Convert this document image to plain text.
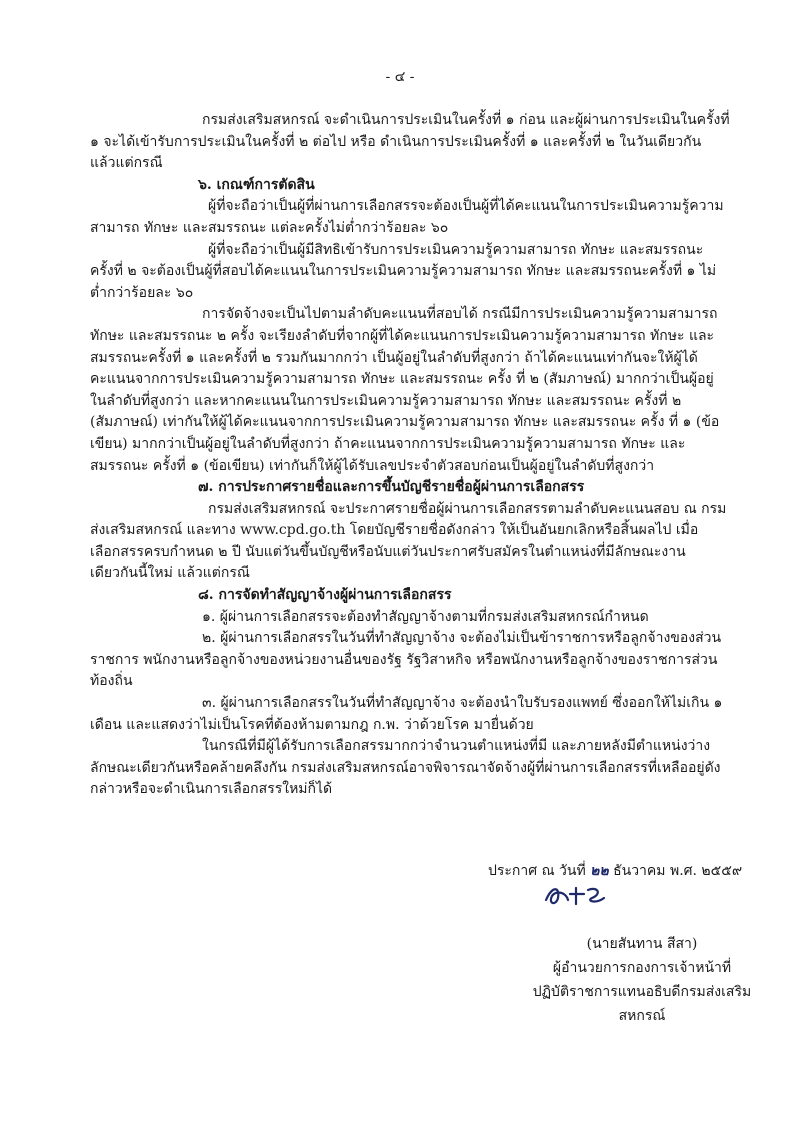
- ๔ -

กรมส่งเสริมสหกรณ์ จะดำเนินการประเมินในครั้งที่ ๑ ก่อน และผู้ผ่านการประเมินในครั้งที่ ๑ จะได้เข้ารับการประเมินในครั้งที่ ๒ ต่อไป หรือ ดำเนินการประเมินครั้งที่ ๑ และครั้งที่ ๒ ในวันเดียวกัน แล้วแต่กรณี

๖. เกณฑ์การตัดสิน

ผู้ที่จะถือว่าเป็นผู้ที่ผ่านการเลือกสรรจะต้องเป็นผู้ที่ได้คะแนนในการประเมินความรู้ความสามารถ ทักษะ และสมรรถนะ แต่ละครั้งไม่ต่ำกว่าร้อยละ ๖๐

ผู้ที่จะถือว่าเป็นผู้มีสิทธิเข้ารับการประเมินความรู้ความสามารถ ทักษะ และสมรรถนะ ครั้งที่ ๒ จะต้องเป็นผู้ที่สอบได้คะแนนในการประเมินความรู้ความสามารถ ทักษะ และสมรรถนะครั้งที่ ๑ ไม่ต่ำกว่าร้อยละ ๖๐

การจัดจ้างจะเป็นไปตามลำดับคะแนนที่สอบได้ กรณีมีการประเมินความรู้ความสามารถ ทักษะ และสมรรถนะ ๒ ครั้ง จะเรียงลำดับที่จากผู้ที่ได้คะแนนการประเมินความรู้ความสามารถ ทักษะ และสมรรถนะครั้งที่ ๑ และครั้งที่ ๒ รวมกันมากกว่า เป็นผู้อยู่ในลำดับที่สูงกว่า ถ้าได้คะแนนเท่ากันจะให้ผู้ได้คะแนนจากการประเมินความรู้ความสามารถ ทักษะ และสมรรถนะ ครั้ง ที่ ๒ (สัมภาษณ์) มากกว่าเป็นผู้อยู่ในลำดับที่สูงกว่า และหากคะแนนในการประเมินความรู้ความสามารถ ทักษะ และสมรรถนะ ครั้งที่ ๒ (สัมภาษณ์) เท่ากันให้ผู้ได้คะแนนจากการประเมินความรู้ความสามารถ ทักษะ และสมรรถนะ ครั้ง ที่ ๑ (ข้อเขียน) มากกว่าเป็นผู้อยู่ในลำดับที่สูงกว่า ถ้าคะแนนจากการประเมินความรู้ความสามารถ ทักษะ และสมรรถนะ ครั้งที่ ๑ (ข้อเขียน) เท่ากันก็ให้ผู้ได้รับเลขประจำตัวสอบก่อนเป็นผู้อยู่ในลำดับที่สูงกว่า

๗. การประกาศรายชื่อและการขึ้นบัญชีรายชื่อผู้ผ่านการเลือกสรร

กรมส่งเสริมสหกรณ์ จะประกาศรายชื่อผู้ผ่านการเลือกสรรตามลำดับคะแนนสอบ ณ กรมส่งเสริมสหกรณ์ และทาง www.cpd.go.th โดยบัญชีรายชื่อดังกล่าว ให้เป็นอันยกเลิกหรือสิ้นผลไป เมื่อเลือกสรรครบกำหนด ๒ ปี นับแต่วันขึ้นบัญชีหรือนับแต่วันประกาศรับสมัครในตำแหน่งที่มีลักษณะงานเดียวกันนี้ใหม่ แล้วแต่กรณี

๘. การจัดทำสัญญาจ้างผู้ผ่านการเลือกสรร

๑. ผู้ผ่านการเลือกสรรจะต้องทำสัญญาจ้างตามที่กรมส่งเสริมสหกรณ์กำหนด

๒. ผู้ผ่านการเลือกสรรในวันที่ทำสัญญาจ้าง จะต้องไม่เป็นข้าราชการหรือลูกจ้างของส่วนราชการ พนักงานหรือลูกจ้างของหน่วยงานอื่นของรัฐ รัฐวิสาหกิจ หรือพนักงานหรือลูกจ้างของราชการส่วนท้องถิ่น

๓. ผู้ผ่านการเลือกสรรในวันที่ทำสัญญาจ้าง จะต้องนำใบรับรองแพทย์ ซึ่งออกให้ไม่เกิน ๑ เดือน และแสดงว่าไม่เป็นโรคที่ต้องห้ามตามกฎ ก.พ. ว่าด้วยโรค มายื่นด้วย

ในกรณีที่มีผู้ได้รับการเลือกสรรมากกว่าจำนวนตำแหน่งที่มี และภายหลังมีตำแหน่งว่างลักษณะเดียวกันหรือคล้ายคลึงกัน กรมส่งเสริมสหกรณ์อาจพิจารณาจัดจ้างผู้ที่ผ่านการเลือกสรรที่เหลืออยู่ดังกล่าวหรือจะดำเนินการเลือกสรรใหม่ก็ได้

ประกาศ ณ วันที่ ๒๒ ธันวาคม พ.ศ. ๒๕๕๙
(นายสันทาน สีสา)
ผู้อำนวยการกองการเจ้าหน้าที่
ปฏิบัติราชการแทนอธิบดีกรมส่งเสริมสหกรณ์
